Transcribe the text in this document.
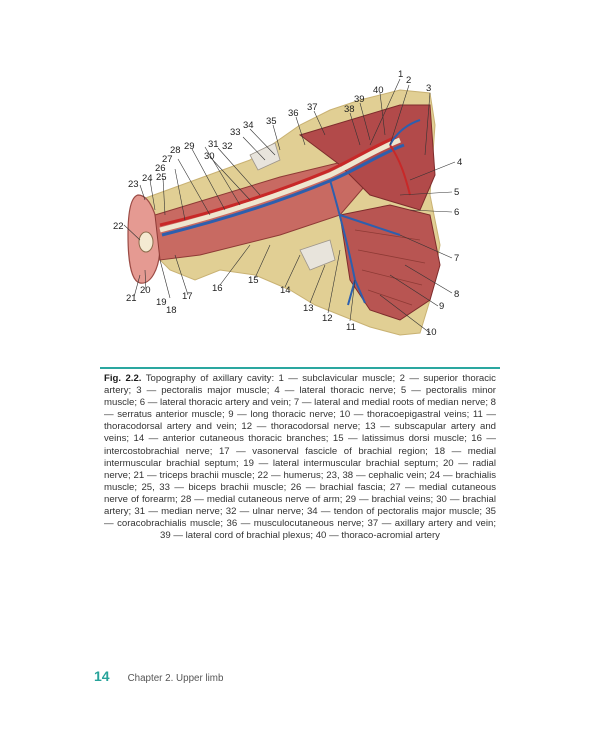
1
2
3
4
5
6
7
8
9
10
11
12
13
14
15
16
17
18
19
20
21
22
23
24 25
26
27
28 29
30
31 32
33
34 35
36
37	38
39
40
Fig. 2.2. Topography of axillary cavity: 1 — subclavicular muscle; 2 — superior thoracic artery; 3 — pectoralis major muscle; 4 — lateral thoracic nerve; 5 — pectoralis minor muscle; 6 — lateral thoracic artery and vein; 7 — lateral and medial roots of median nerve; 8 — serratus anterior muscle; 9 — long thoracic nerve; 10 — thoracoepigastral veins; 11 — thoracodorsal artery and vein; 12 — thoracodorsal nerve; 13 — subscapular artery and veins; 14 — anterior cutaneous thoracic branches; 15 — latissimus dorsi muscle; 16 — intercostobrachial nerve; 17 — vasonerval fascicle of brachial region; 18 — medial intermuscular brachial septum; 19 — lateral intermuscular brachial septum; 20 — radial nerve; 21 — triceps brachii muscle; 22 — humerus; 23, 38 — cephalic vein; 24 — brachialis muscle; 25, 33 — biceps brachii muscle; 26 — brachial fascia; 27 — medial cutaneous nerve of forearm; 28 — medial cutaneous nerve of arm; 29 — brachial veins; 30 — brachial artery; 31 — median nerve; 32 — ulnar nerve; 34 — tendon of pectoralis major muscle; 35 — coracobrachialis muscle; 36 — musculocutaneous nerve; 37 — axillary artery and vein; 39 — lateral cord of brachial plexus; 40 — thoraco-acromial artery
14 Chapter 2. Upper limb
